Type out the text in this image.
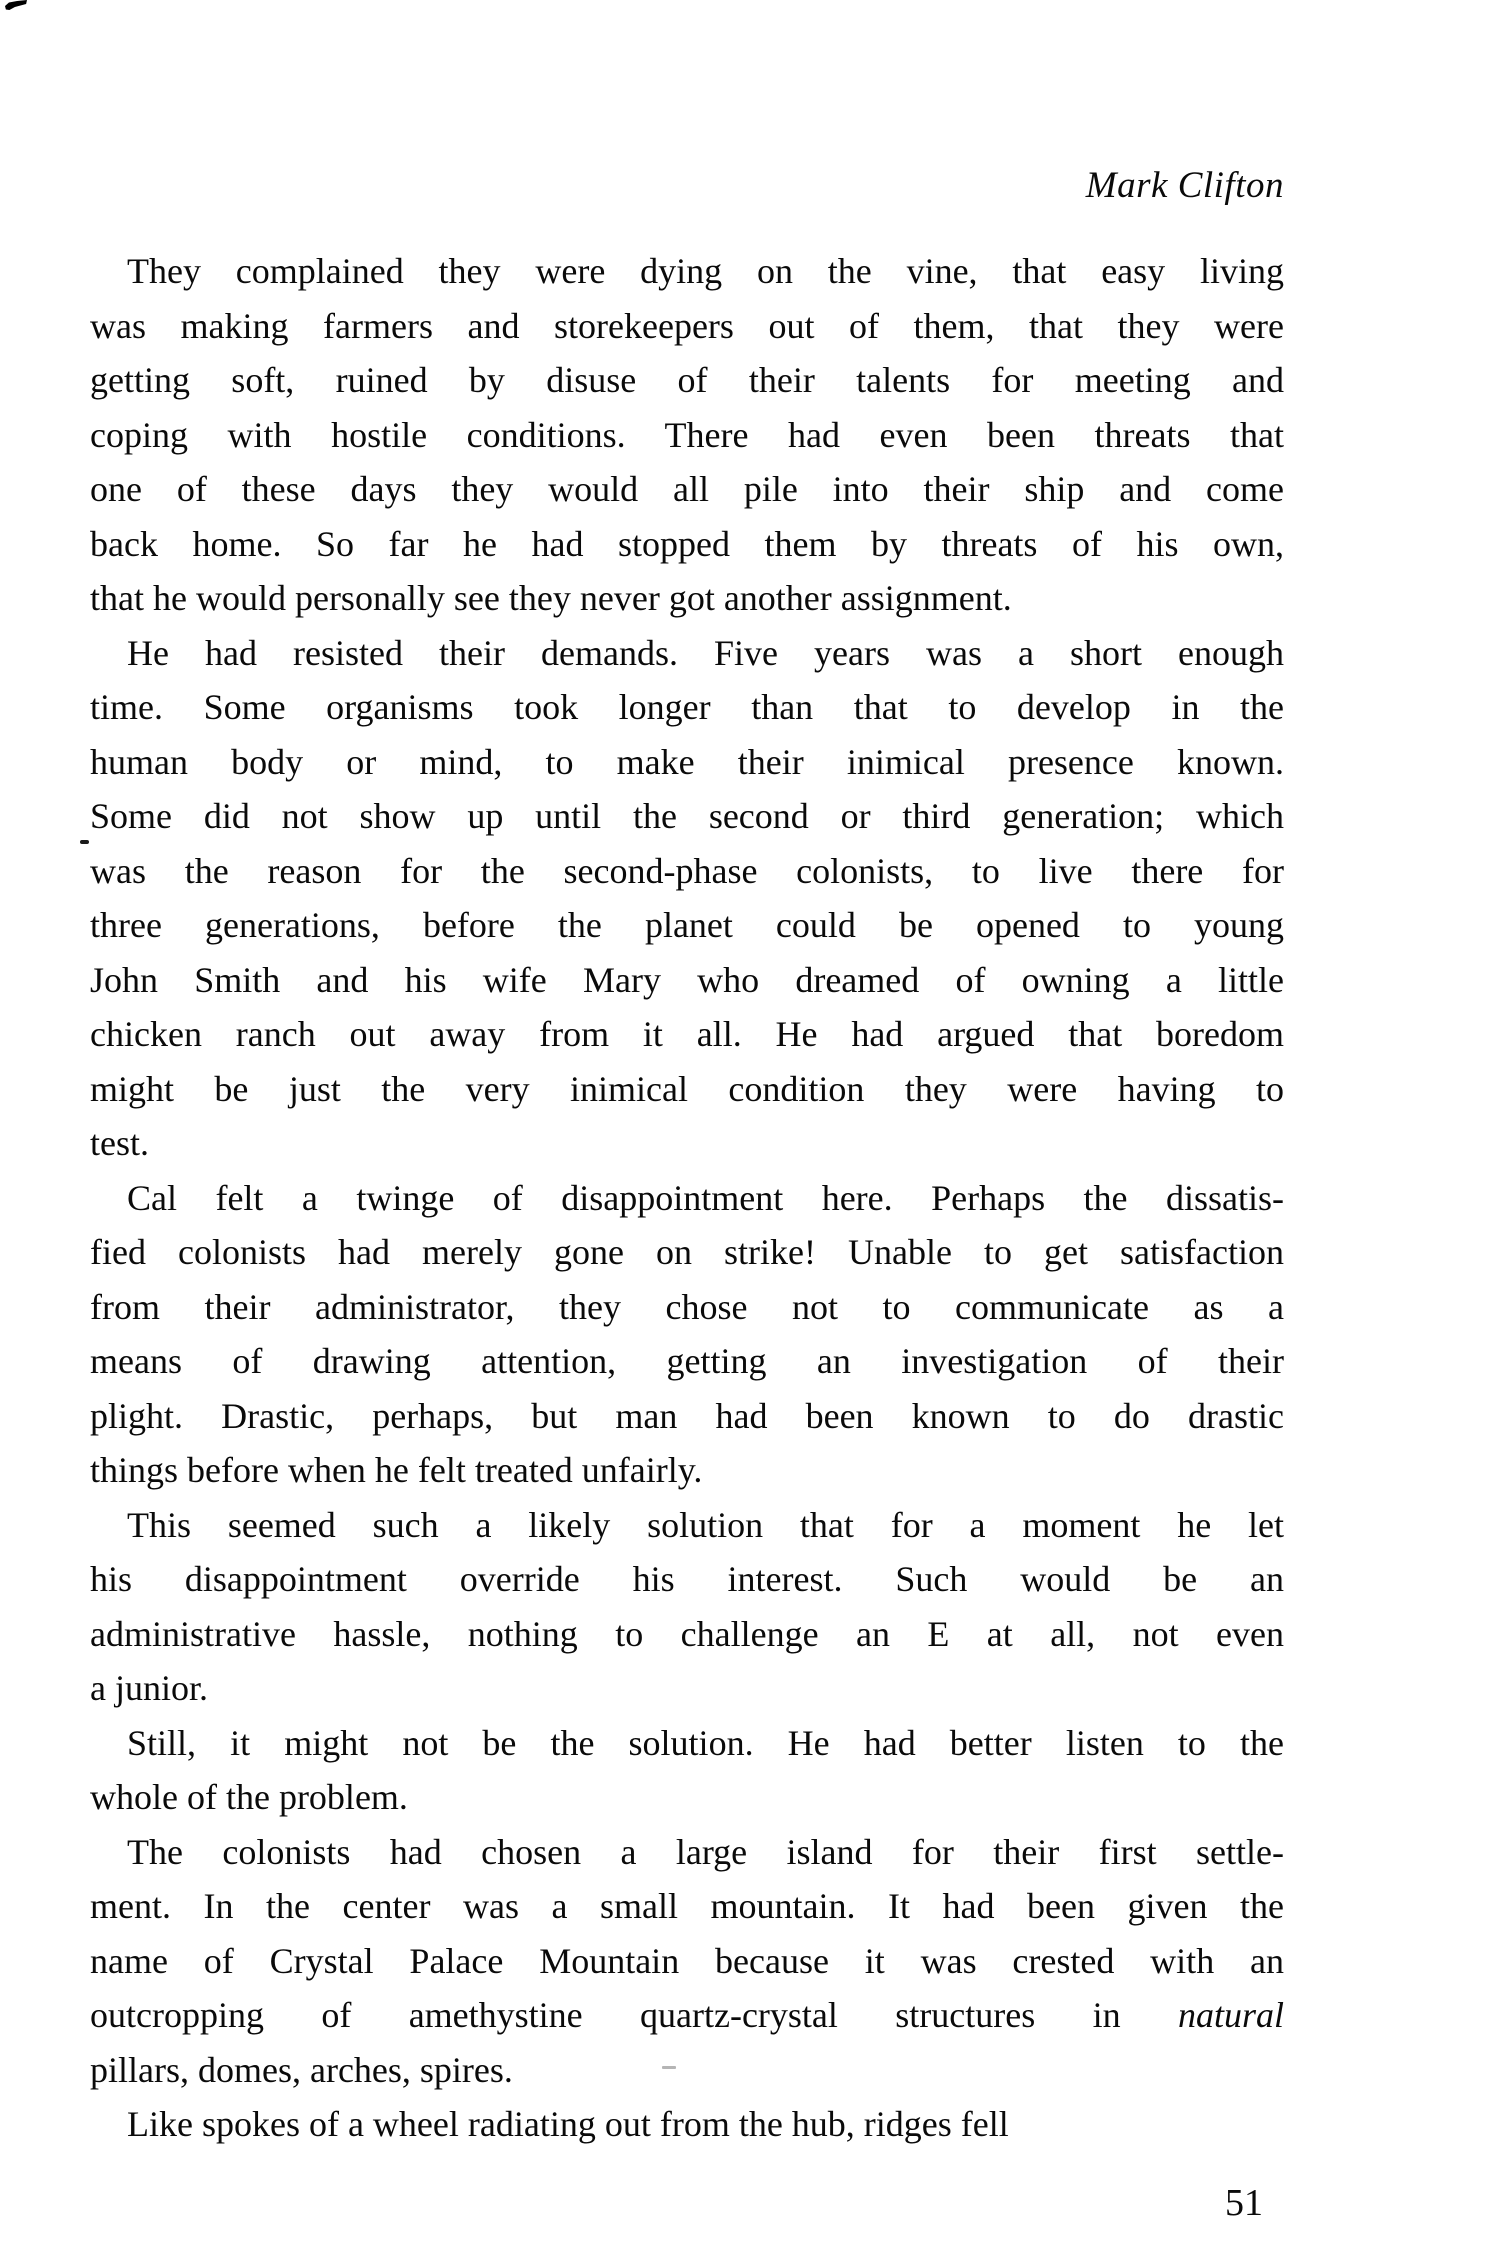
Mark Clifton
They complained they were dying on the vine, that easy living
was making farmers and storekeepers out of them, that they were
getting soft, ruined by disuse of their talents for meeting and
coping with hostile conditions. There had even been threats that
one of these days they would all pile into their ship and come
back home. So far he had stopped them by threats of his own,
that he would personally see they never got another assignment.
He had resisted their demands. Five years was a short enough
time. Some organisms took longer than that to develop in the
human body or mind, to make their inimical presence known.
Some did not show up until the second or third generation; which
was the reason for the second-phase colonists, to live there for
three generations, before the planet could be opened to young
John Smith and his wife Mary who dreamed of owning a little
chicken ranch out away from it all. He had argued that boredom
might be just the very inimical condition they were having to
test.
Cal felt a twinge of disappointment here. Perhaps the dissatis-
fied colonists had merely gone on strike! Unable to get satisfaction
from their administrator, they chose not to communicate as a
means of drawing attention, getting an investigation of their
plight. Drastic, perhaps, but man had been known to do drastic
things before when he felt treated unfairly.
This seemed such a likely solution that for a moment he let
his disappointment override his interest. Such would be an
administrative hassle, nothing to challenge an E at all, not even
a junior.
Still, it might not be the solution. He had better listen to the
whole of the problem.
The colonists had chosen a large island for their first settle-
ment. In the center was a small mountain. It had been given the
name of Crystal Palace Mountain because it was crested with an
outcropping of amethystine quartz-crystal structures in natural
pillars, domes, arches, spires.
Like spokes of a wheel radiating out from the hub, ridges fell
51
